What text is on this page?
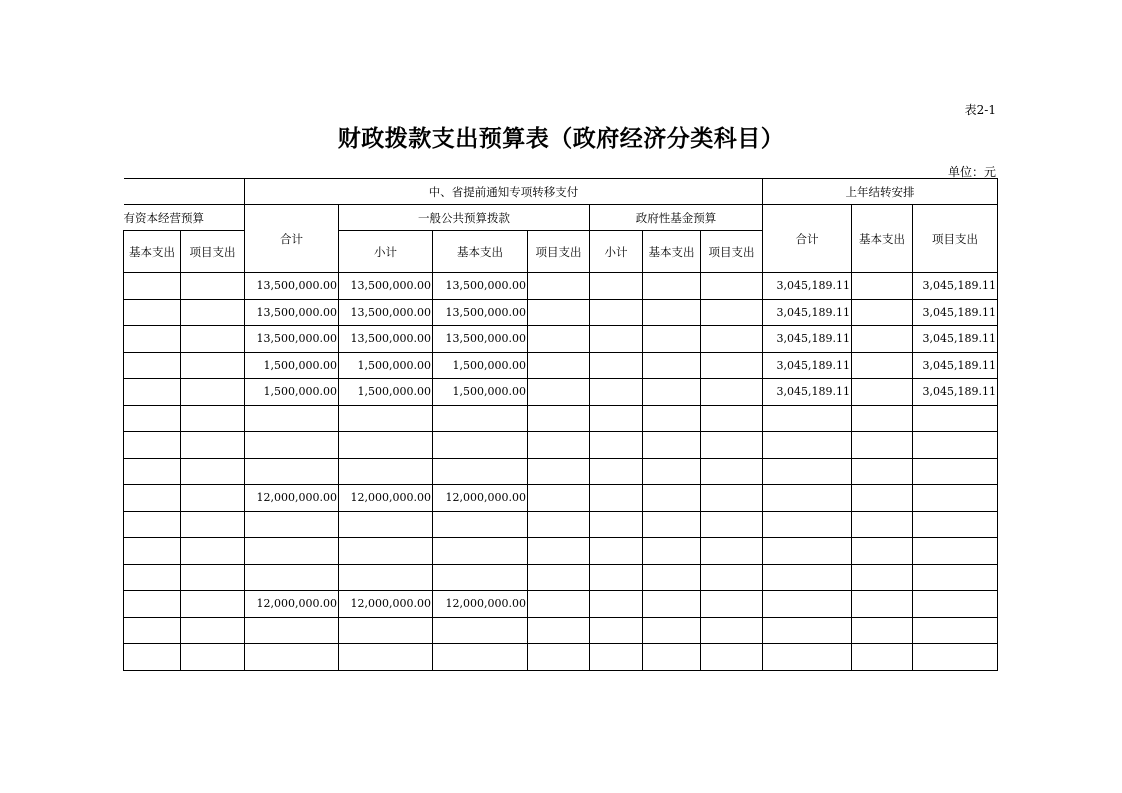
表2-1
财政拨款支出预算表（政府经济分类科目）
单位：元
		中、省提前通知专项转移支付							上年结转安排		
有资本经营预算		合计	一般公共预算拨款			政府性基金预算			合计	基本支出	项目支出
基本支出	项目支出		小计	基本支出	项目支出	小计	基本支出	项目支出			
		13,500,000.00	13,500,000.00	13,500,000.00					3,045,189.11		3,045,189.11
		13,500,000.00	13,500,000.00	13,500,000.00					3,045,189.11		3,045,189.11
		13,500,000.00	13,500,000.00	13,500,000.00					3,045,189.11		3,045,189.11
		1,500,000.00	1,500,000.00	1,500,000.00					3,045,189.11		3,045,189.11
		1,500,000.00	1,500,000.00	1,500,000.00					3,045,189.11		3,045,189.11

		12,000,000.00	12,000,000.00	12,000,000.00							

		12,000,000.00	12,000,000.00	12,000,000.00							
